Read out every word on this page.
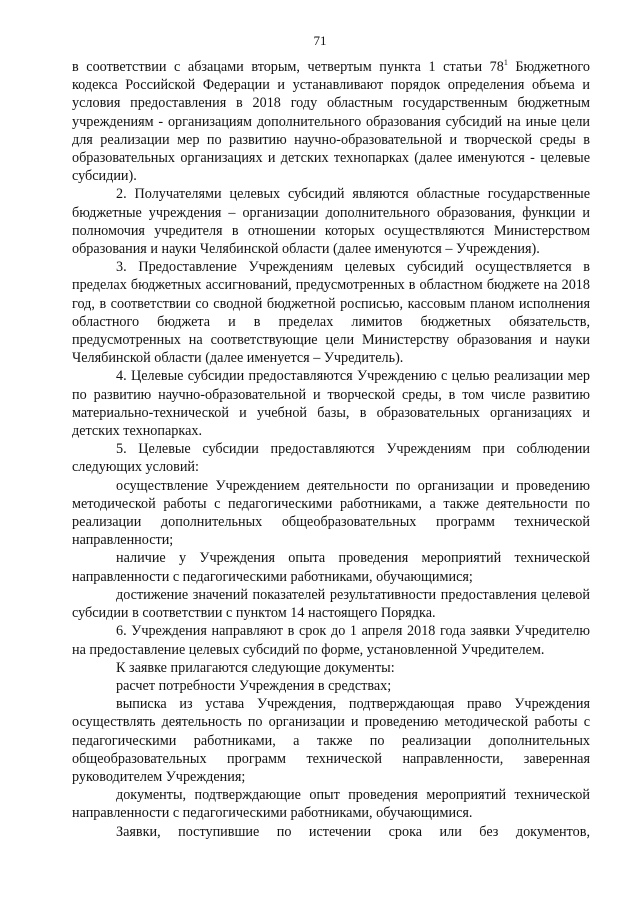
71

в соответствии с абзацами вторым, четвертым пункта 1 статьи $78^1$ Бюджетного кодекса Российской Федерации и устанавливают порядок определения объема и условия предоставления в 2018 году областным государственным бюджетным учреждениям - организациям дополнительного образования субсидий на иные цели для реализации мер по развитию научно-образовательной и творческой среды в образовательных организациях и детских технопарках (далее именуются - целевые субсидии).

2. Получателями целевых субсидий являются областные государственные бюджетные учреждения – организации дополнительного образования, функции и полномочия учредителя в отношении которых осуществляются Министерством образования и науки Челябинской области (далее именуются – Учреждения).

3. Предоставление Учреждениям целевых субсидий осуществляется в пределах бюджетных ассигнований, предусмотренных в областном бюджете на 2018 год, в соответствии со сводной бюджетной росписью, кассовым планом исполнения областного бюджета и в пределах лимитов бюджетных обязательств, предусмотренных на соответствующие цели Министерству образования и науки Челябинской области (далее именуется – Учредитель).

4. Целевые субсидии предоставляются Учреждению с целью реализации мер по развитию научно-образовательной и творческой среды, в том числе развитию материально-технической и учебной базы, в образовательных организациях и детских технопарках.

5. Целевые субсидии предоставляются Учреждениям при соблюдении следующих условий:

осуществление Учреждением деятельности по организации и проведению методической работы с педагогическими работниками, а также деятельности по реализации дополнительных общеобразовательных программ технической направленности;

наличие у Учреждения опыта проведения мероприятий технической направленности с педагогическими работниками, обучающимися;

достижение значений показателей результативности предоставления целевой субсидии в соответствии с пунктом 14 настоящего Порядка.

6. Учреждения направляют в срок до 1 апреля 2018 года заявки Учредителю на предоставление целевых субсидий по форме, установленной Учредителем.

К заявке прилагаются следующие документы:

расчет потребности Учреждения в средствах;

выписка из устава Учреждения, подтверждающая право Учреждения осуществлять деятельность по организации и проведению методической работы с педагогическими работниками, а также по реализации дополнительных общеобразовательных программ технической направленности, заверенная руководителем Учреждения;

документы, подтверждающие опыт проведения мероприятий технической направленности с педагогическими работниками, обучающимися.

Заявки, поступившие по истечении срока или без документов,
